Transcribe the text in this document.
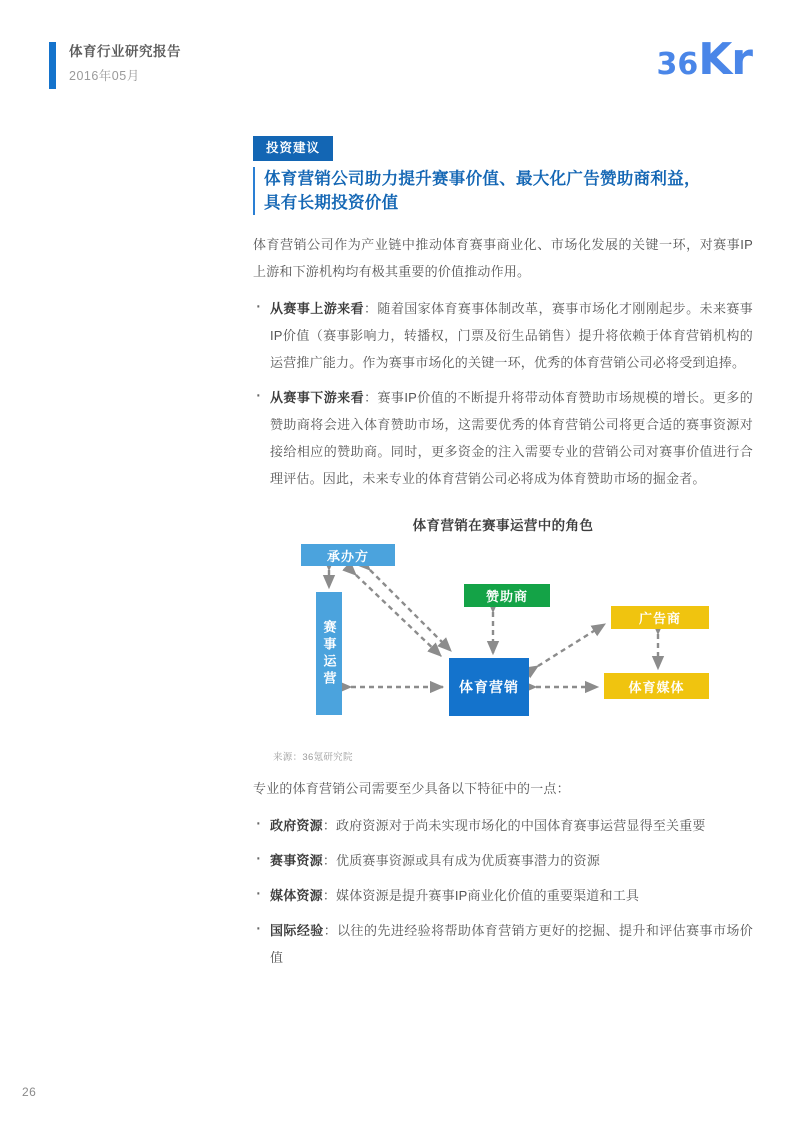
体育行业研究报告
2016年05月	36Kr
投资建议
体育营销公司助力提升赛事价值、最大化广告赞助商利益，
具有长期投资价值
体育营销公司作为产业链中推动体育赛事商业化、市场化发展的关键一环，对赛事IP上游和下游机构均有极其重要的价值推动作用。
· 从赛事上游来看：随着国家体育赛事体制改革，赛事市场化才刚刚起步。未来赛事IP价值（赛事影响力，转播权，门票及衍生品销售）提升将依赖于体育营销机构的运营推广能力。作为赛事市场化的关键一环，优秀的体育营销公司必将受到追捧。
· 从赛事下游来看：赛事IP价值的不断提升将带动体育赞助市场规模的增长。更多的赞助商将会进入体育赞助市场，这需要优秀的体育营销公司将更合适的赛事资源对接给相应的赞助商。同时，更多资金的注入需要专业的营销公司对赛事价值进行合理评估。因此，未来专业的体育营销公司必将成为体育赞助市场的掘金者。
体育营销在赛事运营中的角色
承办方
赛事运营
赞助商
体育营销
广告商
体育媒体
来源：36氪研究院
专业的体育营销公司需要至少具备以下特征中的一点：
· 政府资源：政府资源对于尚未实现市场化的中国体育赛事运营显得至关重要
· 赛事资源：优质赛事资源或具有成为优质赛事潜力的资源
· 媒体资源：媒体资源是提升赛事IP商业化价值的重要渠道和工具
· 国际经验：以往的先进经验将帮助体育营销方更好的挖掘、提升和评估赛事市场价值
26
